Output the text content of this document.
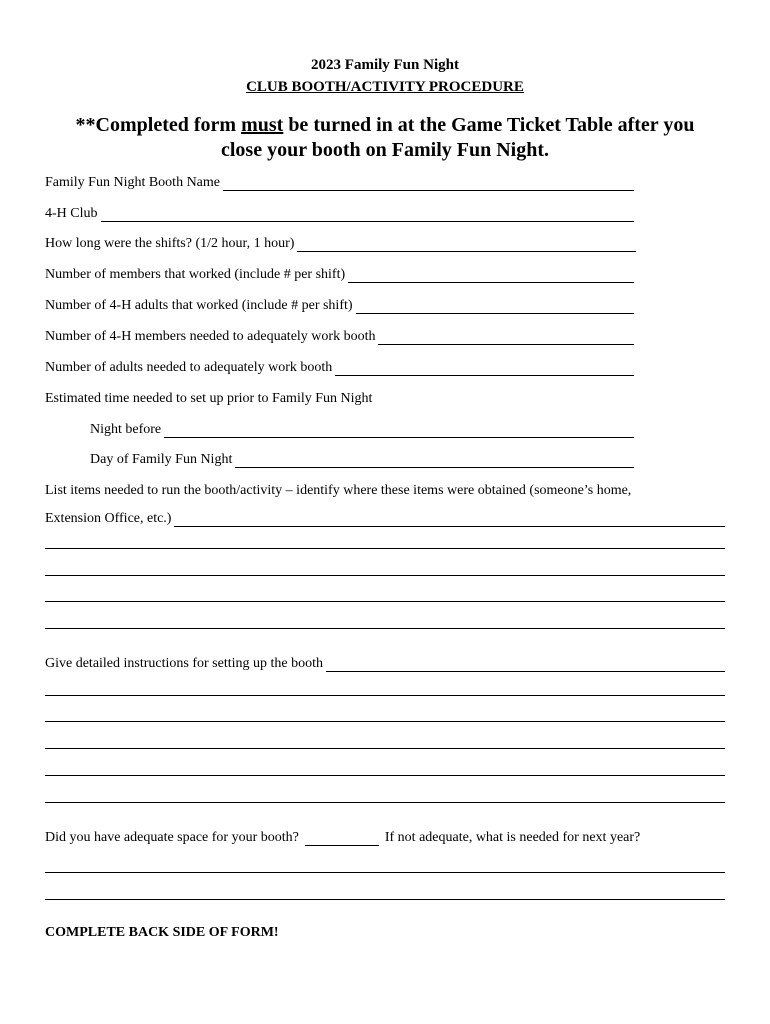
2023 Family Fun Night
CLUB BOOTH/ACTIVITY PROCEDURE
**Completed form must be turned in at the Game Ticket Table after you
close your booth on Family Fun Night.
Family Fun Night Booth Name
4-H Club
How long were the shifts? (1/2 hour, 1 hour)
Number of members that worked (include # per shift)
Number of 4-H adults that worked (include # per shift)
Number of 4-H members needed to adequately work booth
Number of adults needed to adequately work booth
Estimated time needed to set up prior to Family Fun Night
Night before
Day of Family Fun Night
List items needed to run the booth/activity – identify where these items were obtained (someone’s home,
Extension Office, etc.)
Give detailed instructions for setting up the booth
Did you have adequate space for your booth?	If not adequate, what is needed for next year?
COMPLETE BACK SIDE OF FORM!
